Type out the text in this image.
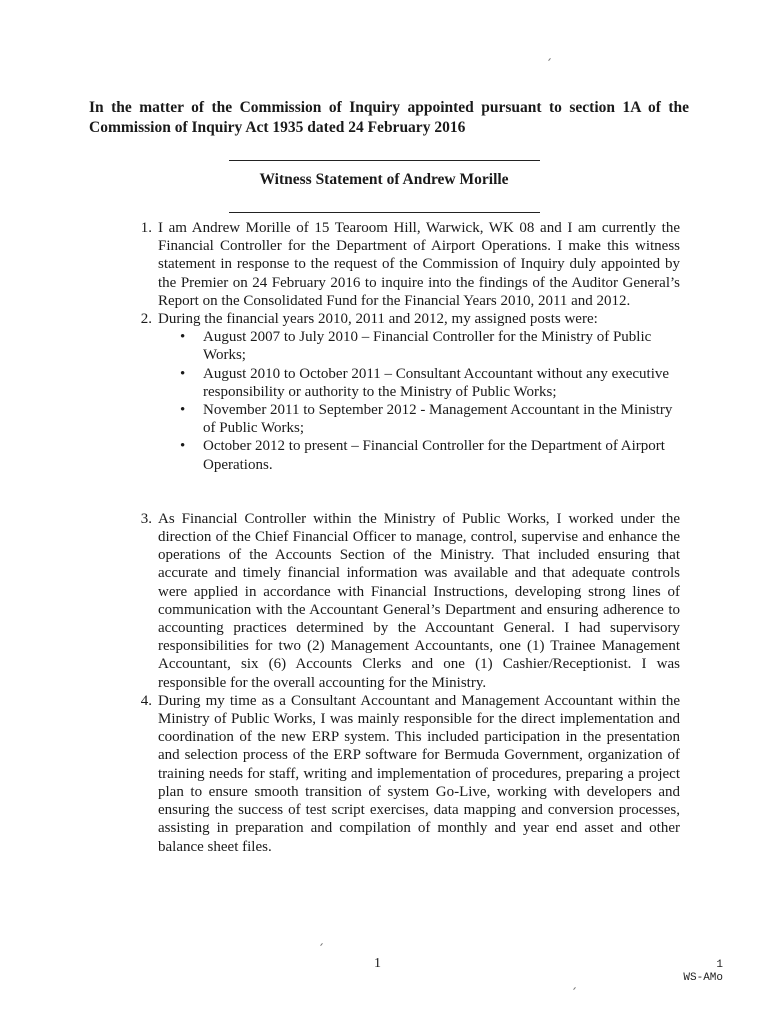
In the matter of the Commission of Inquiry appointed pursuant to section 1A of the Commission of Inquiry Act 1935 dated 24 February 2016
Witness Statement of Andrew Morille
1. I am Andrew Morille of 15 Tearoom Hill, Warwick, WK 08 and I am currently the Financial Controller for the Department of Airport Operations. I make this witness statement in response to the request of the Commission of Inquiry duly appointed by the Premier on 24 February 2016 to inquire into the findings of the Auditor General’s Report on the Consolidated Fund for the Financial Years 2010, 2011 and 2012.

2. During the financial years 2010, 2011 and 2012, my assigned posts were:

• August 2007 to July 2010 – Financial Controller for the Ministry of Public Works;
• August 2010 to October 2011 – Consultant Accountant without any executive responsibility or authority to the Ministry of Public Works;
• November 2011 to September 2012 - Management Accountant in the Ministry of Public Works;
• October 2012 to present – Financial Controller for the Department of Airport Operations.
3. As Financial Controller within the Ministry of Public Works, I worked under the direction of the Chief Financial Officer to manage, control, supervise and enhance the operations of the Accounts Section of the Ministry. That included ensuring that accurate and timely financial information was available and that adequate controls were applied in accordance with Financial Instructions, developing strong lines of communication with the Accountant General’s Department and ensuring adherence to accounting practices determined by the Accountant General. I had supervisory responsibilities for two (2) Management Accountants, one (1) Trainee Management Accountant, six (6) Accounts Clerks and one (1) Cashier/Receptionist. I was responsible for the overall accounting for the Ministry.

4. During my time as a Consultant Accountant and Management Accountant within the Ministry of Public Works, I was mainly responsible for the direct implementation and coordination of the new ERP system. This included participation in the presentation and selection process of the ERP software for Bermuda Government, organization of training needs for staff, writing and implementation of procedures, preparing a project plan to ensure smooth transition of system Go-Live, working with developers and ensuring the success of test script exercises, data mapping and conversion processes, assisting in preparation and compilation of monthly and year end asset and other balance sheet files.

1	1
WS-AMo
